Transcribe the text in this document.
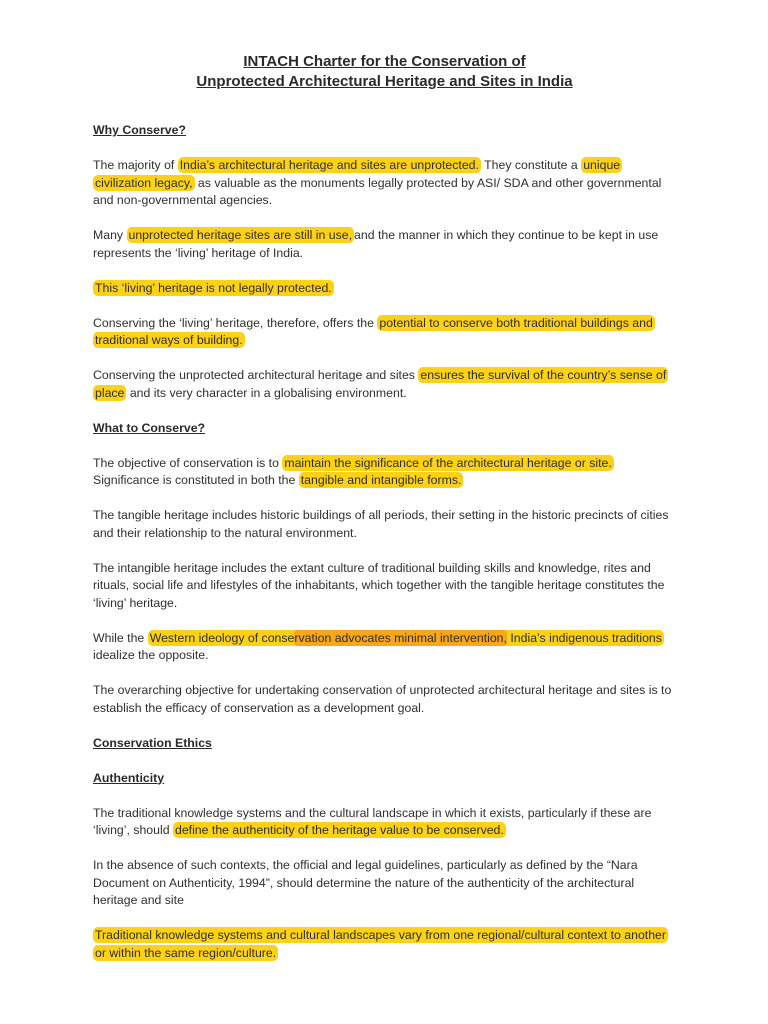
INTACH Charter for the Conservation of
Unprotected Architectural Heritage and Sites in India
Why Conserve?

The majority of India’s architectural heritage and sites are unprotected. They constitute a unique civilization legacy, as valuable as the monuments legally protected by ASI/ SDA and other governmental and non-governmental agencies.

Many unprotected heritage sites are still in use, and the manner in which they continue to be kept in use represents the ‘living’ heritage of India.

This ‘living’ heritage is not legally protected.

Conserving the ‘living’ heritage, therefore, offers the potential to conserve both traditional buildings and traditional ways of building.

Conserving the unprotected architectural heritage and sites ensures the survival of the country’s sense of place and its very character in a globalising environment.

What to Conserve?

The objective of conservation is to maintain the significance of the architectural heritage or site. Significance is constituted in both the tangible and intangible forms.

The tangible heritage includes historic buildings of all periods, their setting in the historic precincts of cities and their relationship to the natural environment.

The intangible heritage includes the extant culture of traditional building skills and knowledge, rites and rituals, social life and lifestyles of the inhabitants, which together with the tangible heritage constitutes the ‘living’ heritage.

While the Western ideology of conservation advocates minimal intervention, India’s indigenous traditions idealize the opposite.

The overarching objective for undertaking conservation of unprotected architectural heritage and sites is to establish the efficacy of conservation as a development goal.

Conservation Ethics
Authenticity

The traditional knowledge systems and the cultural landscape in which it exists, particularly if these are ‘living’, should define the authenticity of the heritage value to be conserved.

In the absence of such contexts, the official and legal guidelines, particularly as defined by the “Nara Document on Authenticity, 1994”, should determine the nature of the authenticity of the architectural heritage and site

Traditional knowledge systems and cultural landscapes vary from one regional/cultural context to another or within the same region/culture.
